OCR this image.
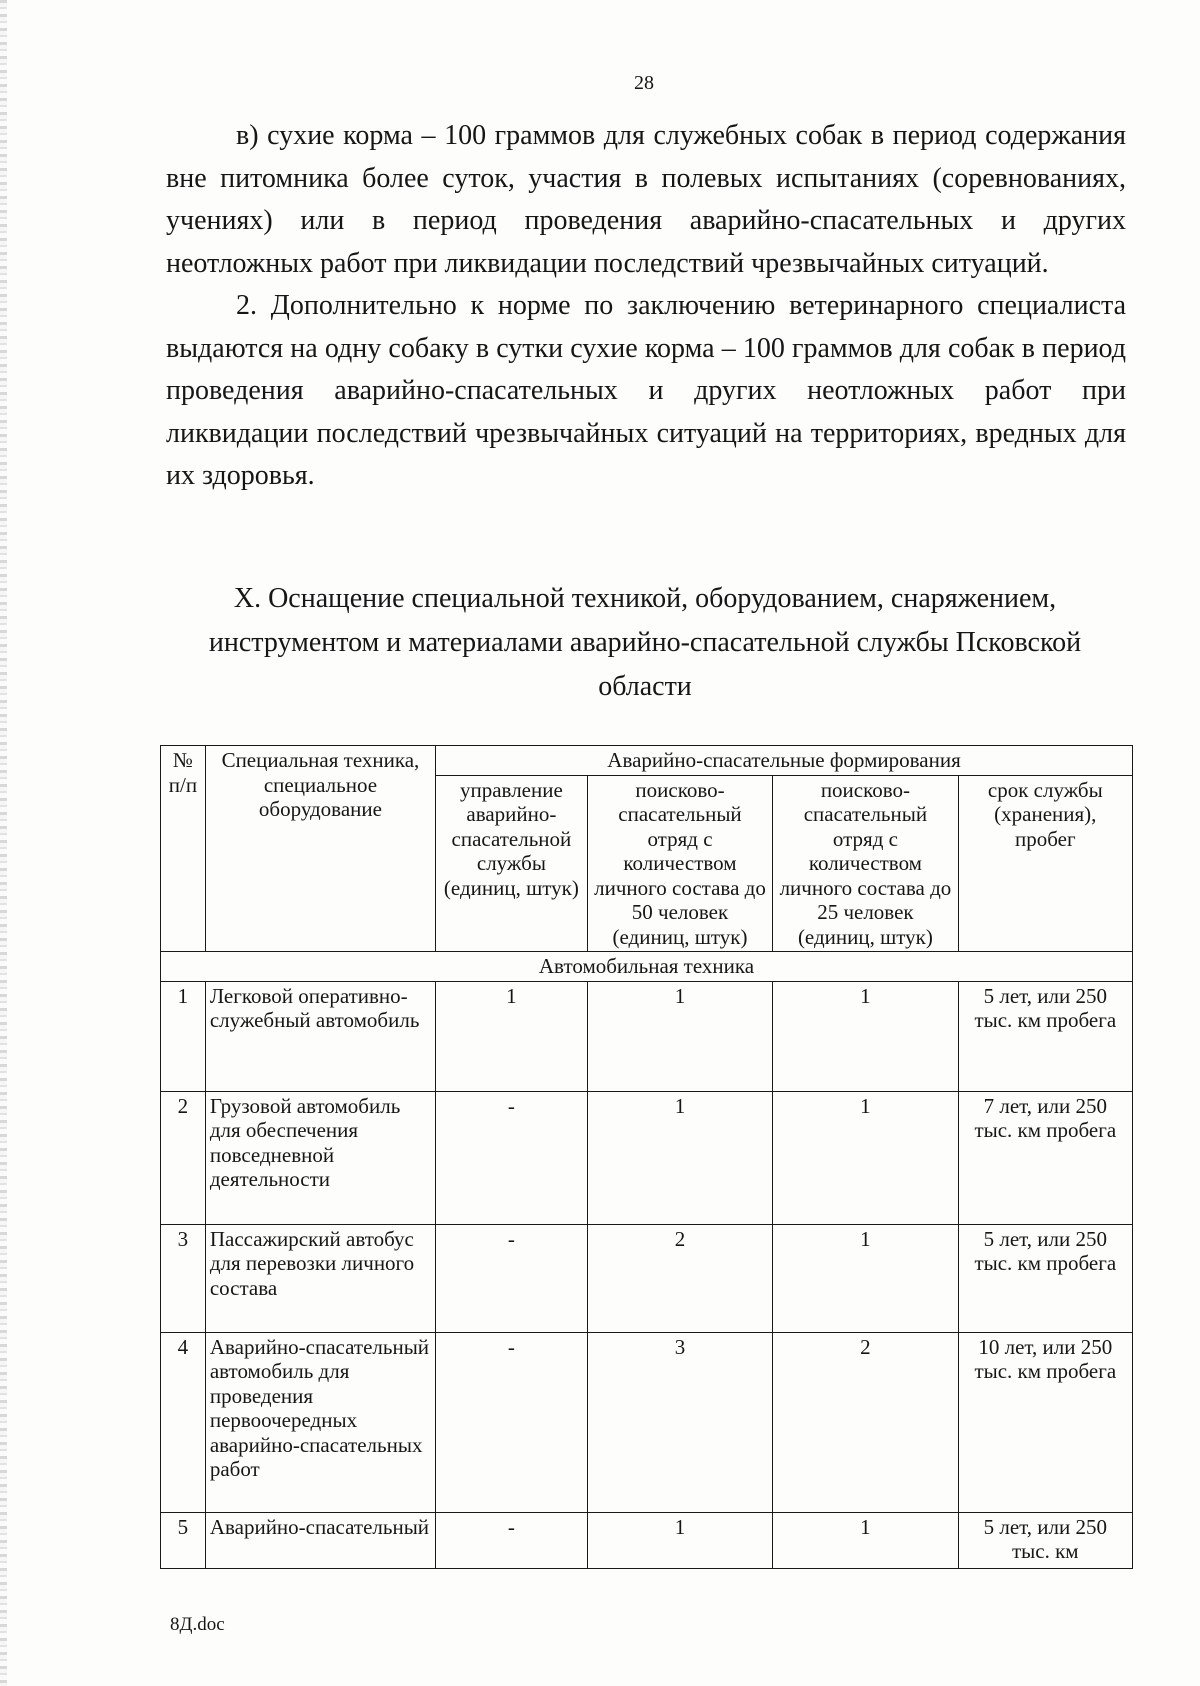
28

в) сухие корма – 100 граммов для служебных собак в период содержания вне питомника более суток, участия в полевых испытаниях (соревнованиях, учениях) или в период проведения аварийно-спасательных и других неотложных работ при ликвидации последствий чрезвычайных ситуаций.

2. Дополнительно к норме по заключению ветеринарного специалиста выдаются на одну собаку в сутки сухие корма – 100 граммов для собак в период проведения аварийно-спасательных и других неотложных работ при ликвидации последствий чрезвычайных ситуаций на территориях, вредных для их здоровья.

X. Оснащение специальной техникой, оборудованием, снаряжением, инструментом и материалами аварийно-спасательной службы Псковской области
№ п/п	Специальная техника, специальное оборудование	Аварийно-спасательные формирования			
		управление аварийно-спасательной службы (единиц, штук)	поисково-спасательный отряд с количеством личного состава до 50 человек (единиц, штук)	поисково-спасательный отряд с количеством личного состава до 25 человек (единиц, штук)	срок службы (хранения), пробег
Автомобильная техника					
1	Легковой оперативно-служебный автомобиль	1	1	1	5 лет, или 250 тыс. км пробега
2	Грузовой автомобиль для обеспечения повседневной деятельности	-	1	1	7 лет, или 250 тыс. км пробега
3	Пассажирский автобус для перевозки личного состава	-	2	1	5 лет, или 250 тыс. км пробега
4	Аварийно-спасательный автомобиль для проведения первоочередных аварийно-спасательных работ	-	3	2	10 лет, или 250 тыс. км пробега
5	Аварийно-спасательный	-	1	1	5 лет, или 250 тыс. км
8Д.doc
